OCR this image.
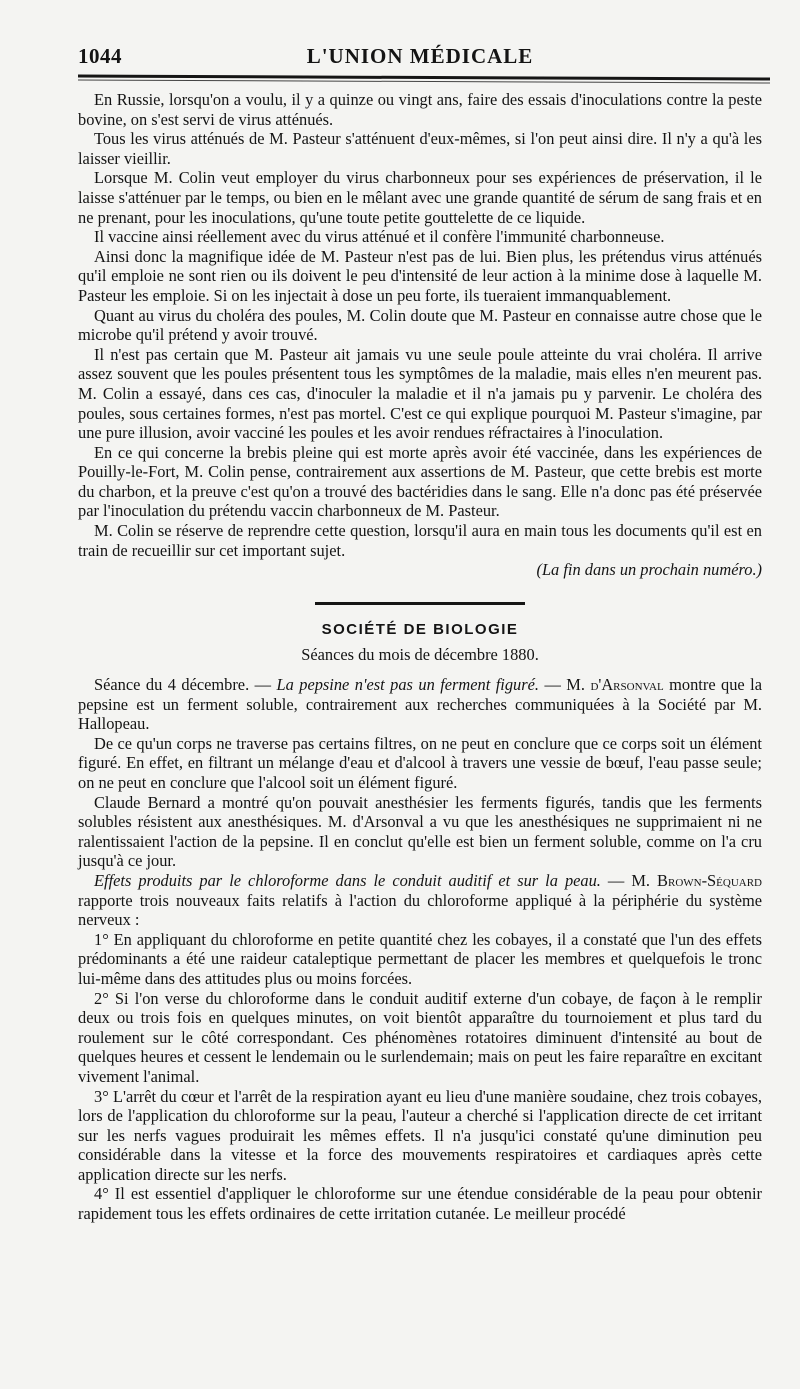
1044	L'UNION MÉDICALE

En Russie, lorsqu'on a voulu, il y a quinze ou vingt ans, faire des essais d'inoculations contre la peste bovine, on s'est servi de virus atténués.

Tous les virus atténués de M. Pasteur s'atténuent d'eux-mêmes, si l'on peut ainsi dire. Il n'y a qu'à les laisser vieillir.

Lorsque M. Colin veut employer du virus charbonneux pour ses expériences de préservation, il le laisse s'atténuer par le temps, ou bien en le mêlant avec une grande quantité de sérum de sang frais et en ne prenant, pour les inoculations, qu'une toute petite gouttelette de ce liquide.

Il vaccine ainsi réellement avec du virus atténué et il confère l'immunité charbonneuse.

Ainsi donc la magnifique idée de M. Pasteur n'est pas de lui. Bien plus, les prétendus virus atténués qu'il emploie ne sont rien ou ils doivent le peu d'intensité de leur action à la minime dose à laquelle M. Pasteur les emploie. Si on les injectait à dose un peu forte, ils tueraient immanquablement.

Quant au virus du choléra des poules, M. Colin doute que M. Pasteur en connaisse autre chose que le microbe qu'il prétend y avoir trouvé.

Il n'est pas certain que M. Pasteur ait jamais vu une seule poule atteinte du vrai choléra. Il arrive assez souvent que les poules présentent tous les symptômes de la maladie, mais elles n'en meurent pas. M. Colin a essayé, dans ces cas, d'inoculer la maladie et il n'a jamais pu y parvenir. Le choléra des poules, sous certaines formes, n'est pas mortel. C'est ce qui explique pourquoi M. Pasteur s'imagine, par une pure illusion, avoir vacciné les poules et les avoir rendues réfractaires à l'inoculation.

En ce qui concerne la brebis pleine qui est morte après avoir été vaccinée, dans les expériences de Pouilly-le-Fort, M. Colin pense, contrairement aux assertions de M. Pasteur, que cette brebis est morte du charbon, et la preuve c'est qu'on a trouvé des bactéridies dans le sang. Elle n'a donc pas été préservée par l'inoculation du prétendu vaccin charbonneux de M. Pasteur.

M. Colin se réserve de reprendre cette question, lorsqu'il aura en main tous les documents qu'il est en train de recueillir sur cet important sujet.

(La fin dans un prochain numéro.)

SOCIÉTÉ DE BIOLOGIE
Séances du mois de décembre 1880.

Séance du 4 décembre. — La pepsine n'est pas un ferment figuré. — M. d'Arsonval montre que la pepsine est un ferment soluble, contrairement aux recherches communiquées à la Société par M. Hallopeau.

De ce qu'un corps ne traverse pas certains filtres, on ne peut en conclure que ce corps soit un élément figuré. En effet, en filtrant un mélange d'eau et d'alcool à travers une vessie de bœuf, l'eau passe seule; on ne peut en conclure que l'alcool soit un élément figuré.

Claude Bernard a montré qu'on pouvait anesthésier les ferments figurés, tandis que les ferments solubles résistent aux anesthésiques. M. d'Arsonval a vu que les anesthésiques ne supprimaient ni ne ralentissaient l'action de la pepsine. Il en conclut qu'elle est bien un ferment soluble, comme on l'a cru jusqu'à ce jour.

Effets produits par le chloroforme dans le conduit auditif et sur la peau. — M. Brown-Séquard rapporte trois nouveaux faits relatifs à l'action du chloroforme appliqué à la périphérie du système nerveux :

1° En appliquant du chloroforme en petite quantité chez les cobayes, il a constaté que l'un des effets prédominants a été une raideur cataleptique permettant de placer les membres et quelquefois le tronc lui-même dans des attitudes plus ou moins forcées.

2° Si l'on verse du chloroforme dans le conduit auditif externe d'un cobaye, de façon à le remplir deux ou trois fois en quelques minutes, on voit bientôt apparaître du tournoiement et plus tard du roulement sur le côté correspondant. Ces phénomènes rotatoires diminuent d'intensité au bout de quelques heures et cessent le lendemain ou le surlendemain; mais on peut les faire reparaître en excitant vivement l'animal.

3° L'arrêt du cœur et l'arrêt de la respiration ayant eu lieu d'une manière soudaine, chez trois cobayes, lors de l'application du chloroforme sur la peau, l'auteur a cherché si l'application directe de cet irritant sur les nerfs vagues produirait les mêmes effets. Il n'a jusqu'ici constaté qu'une diminution peu considérable dans la vitesse et la force des mouvements respiratoires et cardiaques après cette application directe sur les nerfs.

4° Il est essentiel d'appliquer le chloroforme sur une étendue considérable de la peau pour obtenir rapidement tous les effets ordinaires de cette irritation cutanée. Le meilleur procédé
